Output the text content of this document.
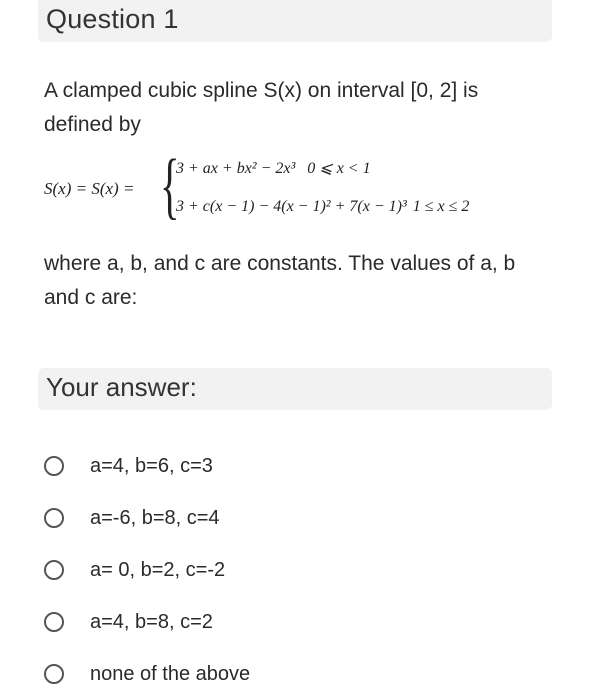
Question 1
A clamped cubic spline S(x) on interval [0, 2] is defined by
S(x) = S(x) = {
3 + ax + bx² − 2x³ 0 ⩽ x < 1
3 + c(x − 1) − 4(x − 1)² + 7(x − 1)³ 1 ≤ x ≤ 2
where a, b, and c are constants. The values of a, b and c are:
Your answer:
a=4, b=6, c=3
a=-6, b=8, c=4
a= 0, b=2, c=-2
a=4, b=8, c=2
none of the above
